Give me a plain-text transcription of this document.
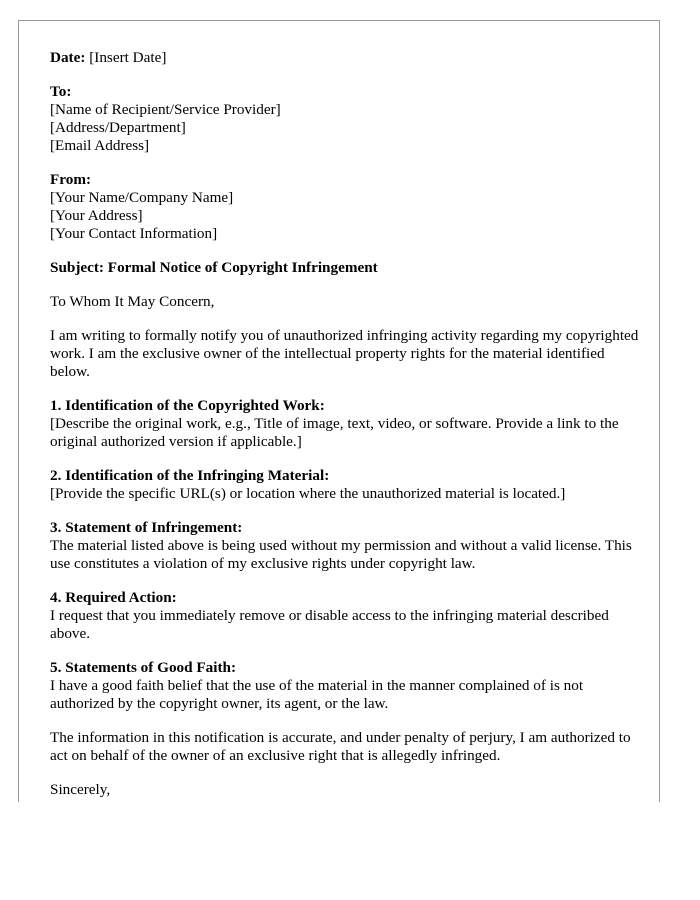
Date: [Insert Date]
To:
[Name of Recipient/Service Provider]
[Address/Department]
[Email Address]
From:
[Your Name/Company Name]
[Your Address]
[Your Contact Information]
Subject: Formal Notice of Copyright Infringement
To Whom It May Concern,
I am writing to formally notify you of unauthorized infringing activity regarding my copyrighted work. I am the exclusive owner of the intellectual property rights for the material identified below.
1. Identification of the Copyrighted Work:
[Describe the original work, e.g., Title of image, text, video, or software. Provide a link to the original authorized version if applicable.]
2. Identification of the Infringing Material:
[Provide the specific URL(s) or location where the unauthorized material is located.]
3. Statement of Infringement:
The material listed above is being used without my permission and without a valid license. This use constitutes a violation of my exclusive rights under copyright law.
4. Required Action:
I request that you immediately remove or disable access to the infringing material described above.
5. Statements of Good Faith:
I have a good faith belief that the use of the material in the manner complained of is not authorized by the copyright owner, its agent, or the law.
The information in this notification is accurate, and under penalty of perjury, I am authorized to act on behalf of the owner of an exclusive right that is allegedly infringed.
Sincerely,
